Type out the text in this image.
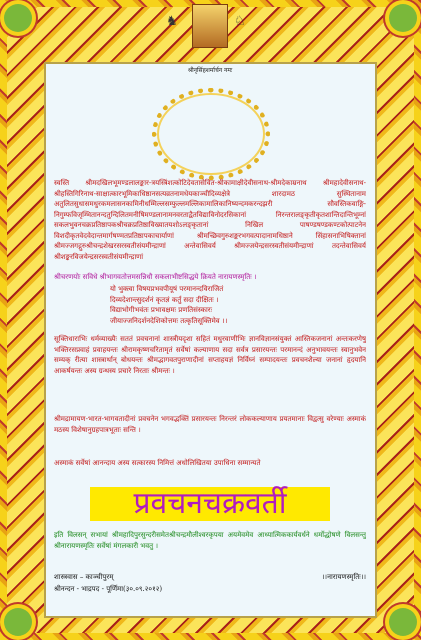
♞	♘
श्रीनृसिंहशर्मार्चन नमः
स्वस्ति श्रीमदखिलभूमण्डलालङ्कार-त्रयस्त्रिंशत्कोटिदेवतासेवित-श्रीकामाक्षीदेवीसनाथ-श्रीमदेकाम्रनाथ श्रीमहादेवीसनाथ-श्रीहस्तिगिरिनाथ-साक्षात्कारभूमिकाधिष्ठानसत्यव्रतनामधेयकाञ्चीदिव्यक्षेत्रे शारदामठ सुस्थितानाम अतुलितसुधासमधुरकमलासनकामिनीधम्मिल्लसम्फुल्लमल्लिकामालिकानिष्यन्दमकरन्दझरी सौवस्तिकवाङ्गि-निगुम्फविजृम्भितानन्दतुन्दिलितमनीषिमण्डलानामनवरताद्वैतविद्याविनोदरसिकानां निरन्तरालङ्कृतीकृतशान्तिदान्तिभूम्नां सकलभुवनचक्रप्रतिष्ठापकश्रीचक्रप्रतिष्ठाविख्यातयशोऽलङ्कृतानां निखिल पाषण्डषण्डकण्टकोत्पाटनेन विशदीकृतवेदवेदान्तमार्गषण्मतप्रतिष्ठापकाचार्याणां श्रीमच्छिवगुरुशङ्करभगवत्पादानामधिष्ठाने सिंहासनाभिषिक्तानां श्रीमज्जगद्गुरुश्रीचन्द्रशेखरसरस्वतीसंयमीन्द्राणां अन्तेवासिवर्य श्रीमज्जयेन्द्रसरस्वतीसंयमीन्द्राणां तदन्तेवासिवर्य श्रीशङ्करविजयेन्द्रसरस्वतीसंयमीन्द्राणां
श्रीचरणयोः सविधे श्रीभागवतोत्तमसन्निधौ सकलाभीष्टसिद्धये क्रियते नारायणस्मृतिः ।
यो भुक्त्वा विषयप्रभवपीयूषं परमानन्दविराजितं
दिव्यदेशान्त्सुदर्शनं कृतज्ञं कर्तुं सदा दीक्षितः ।
विद्याभोगीभवंतः प्रभावक्षमः प्रणतिसंस्कारः
जीयाज्जनिदर्शनदेशिकोत्तमः तत्कृतिसूक्तिमेव ।।
सूक्तिधाराभिः धर्मव्याख्यैः सततं प्रवचनानां शास्त्रीयदृशा सहितं मधुरवाणीभिः ज्ञानविज्ञानसंयुक्तं आस्तिकजनानां अन्तःकरणेषु भक्तिरसप्रवाहं प्रवाहयन्तः श्रीरामकृष्णचरितामृतं सर्वेषां कल्याणाय सदा सर्वत्र प्रसारयन्तः परमानन्दं अनुभावयन्तः स्वानुभवेन सम्यक् रीत्या शास्त्रार्थान् बोधयन्तः श्रीमद्भागवतपुराणादीनां सप्ताहयज्ञं निर्विघ्नं सम्पादयन्तः प्रवचनशैल्या जनानां हृदयानि आकर्षयन्तः अस्य ग्रन्थस्य प्रचारे निरताः श्रीमन्तः ।
श्रीमद्रामायण-भारत-भागवतादीनां प्रवचनेन भगवद्भक्तिं प्रसारयन्तः निरन्तरं लोककल्याणाय प्रयतमानाः विद्वत्सु वरेण्याः अस्माकं मठस्य विशेषानुग्रहपात्रभूताः सन्ति ।
अस्माकं सर्वेषां आनन्दाय अस्य सत्कारस्य निमित्तं अधोलिखितया उपाधिना सम्मान्यते
प्रवचनचक्रवर्ती
इति विलसन् सभायां श्रीमहादिपुरसुन्दरीसमेतश्रीचन्द्रमौलीश्वरकृपया अयमेवमेव आध्यात्मिककार्यवर्धने धर्मोद्धोषणे विलसन्तु श्रीनारायणस्मृतिः सर्वेषां मंगलकारी भवतु ।
शास्त्रवास – काञ्चीपुरम्
श्रीनन्दन - भाद्रपद - पूर्णिमा(३०.०९.२०१२)
।।नारायणस्मृतिः।।
